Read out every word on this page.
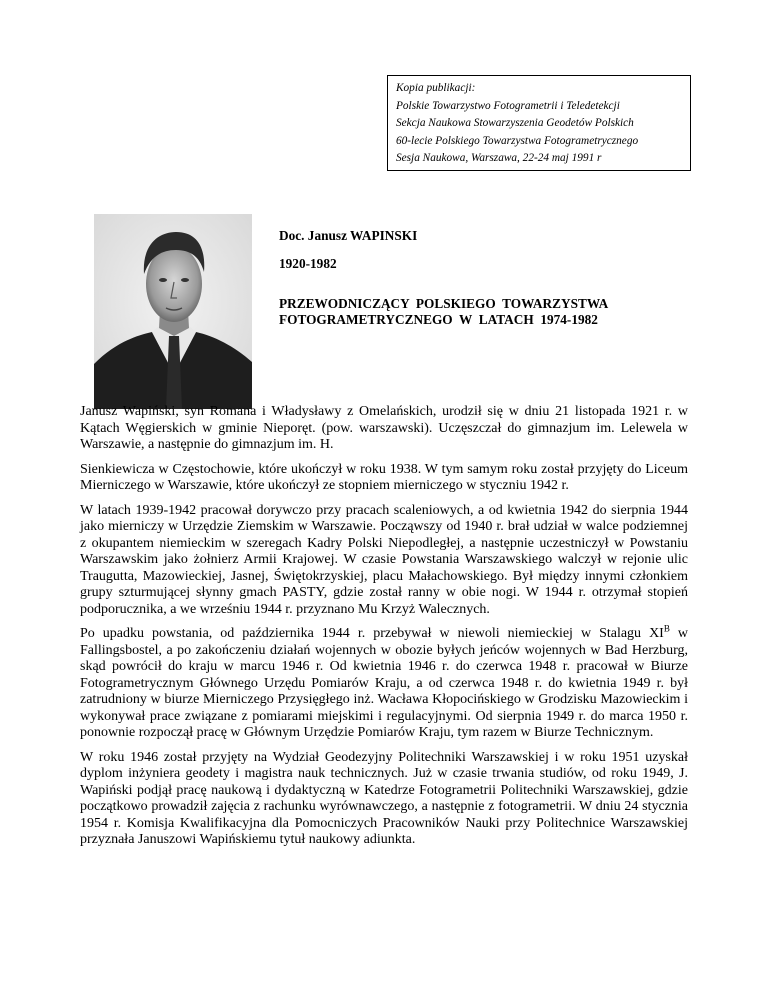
Kopia publikacji:
Polskie Towarzystwo Fotogrametrii i Teledetekcji
Sekcja Naukowa Stowarzyszenia Geodetów Polskich
60-lecie Polskiego Towarzystwa Fotogrametrycznego
Sesja Naukowa, Warszawa, 22-24 maj 1991 r
Doc. Janusz WAPINSKI
1920-1982
PRZEWODNICZĄCY  POLSKIEGO  TOWARZYSTWA
FOTOGRAMETRYCZNEGO  W  LATACH  1974-1982

Janusz Wapiński, syn Romana i Władysławy z Omelańskich, urodził się w dniu 21 listopada 1921 r. w Kątach Węgierskich w gminie Nieporęt. (pow. warszawski). Uczęszczał do gimnazjum im. Lelewela w Warszawie, a następnie do gimnazjum im. H.

Sienkiewicza w Częstochowie, które ukończył w roku 1938. W tym samym roku został przyjęty do Liceum Mierniczego w Warszawie, które ukończył ze stopniem mierniczego w styczniu 1942 r.

W latach 1939-1942 pracował dorywczo przy pracach scaleniowych, a od kwietnia 1942 do sierpnia 1944 jako mierniczy w Urzędzie Ziemskim w Warszawie. Począwszy od 1940 r. brał udział w walce podziemnej z okupantem niemieckim w szeregach Kadry Polski Niepodległej, a następnie uczestniczył w Powstaniu Warszawskim jako żołnierz Armii Krajowej. W czasie Powstania Warszawskiego walczył w rejonie ulic Traugutta, Mazowieckiej, Jasnej, Świętokrzyskiej, placu Małachowskiego. Był między innymi członkiem grupy szturmującej słynny gmach PASTY, gdzie został ranny w obie nogi. W 1944 r. otrzymał stopień podporucznika, a we wrześniu 1944 r. przyznano Mu Krzyż Walecznych.

Po upadku powstania, od października 1944 r. przebywał w niewoli niemieckiej w Stalagu $XI^B$ w Fallingsbostel, a po zakończeniu działań wojennych w obozie byłych jeńców wojennych w Bad Herzburg, skąd powrócił do kraju w marcu 1946 r. Od kwietnia 1946 r. do czerwca 1948 r. pracował w Biurze Fotogrametrycznym Głównego Urzędu Pomiarów Kraju, a od czerwca 1948 r. do kwietnia 1949 r. był zatrudniony w biurze Mierniczego Przysięgłego inż. Wacława Kłopocińskiego w Grodzisku Mazowieckim i wykonywał prace związane z pomiarami miejskimi i regulacyjnymi. Od sierpnia 1949 r. do marca 1950 r. ponownie rozpoczął pracę w Głównym Urzędzie Pomiarów Kraju, tym razem w Biurze Technicznym.

W roku 1946 został przyjęty na Wydział Geodezyjny Politechniki Warszawskiej i w roku 1951 uzyskał dyplom inżyniera geodety i magistra nauk technicznych. Już w czasie trwania studiów, od roku 1949, J. Wapiński podjął pracę naukową i dydaktyczną w Katedrze Fotogrametrii Politechniki Warszawskiej, gdzie początkowo prowadził zajęcia z rachunku wyrównawczego, a następnie z fotogrametrii. W dniu 24 stycznia 1954 r. Komisja Kwalifikacyjna dla Pomocniczych Pracowników Nauki przy Politechnice Warszawskiej przyznała Januszowi Wapińskiemu tytuł naukowy adiunkta.
